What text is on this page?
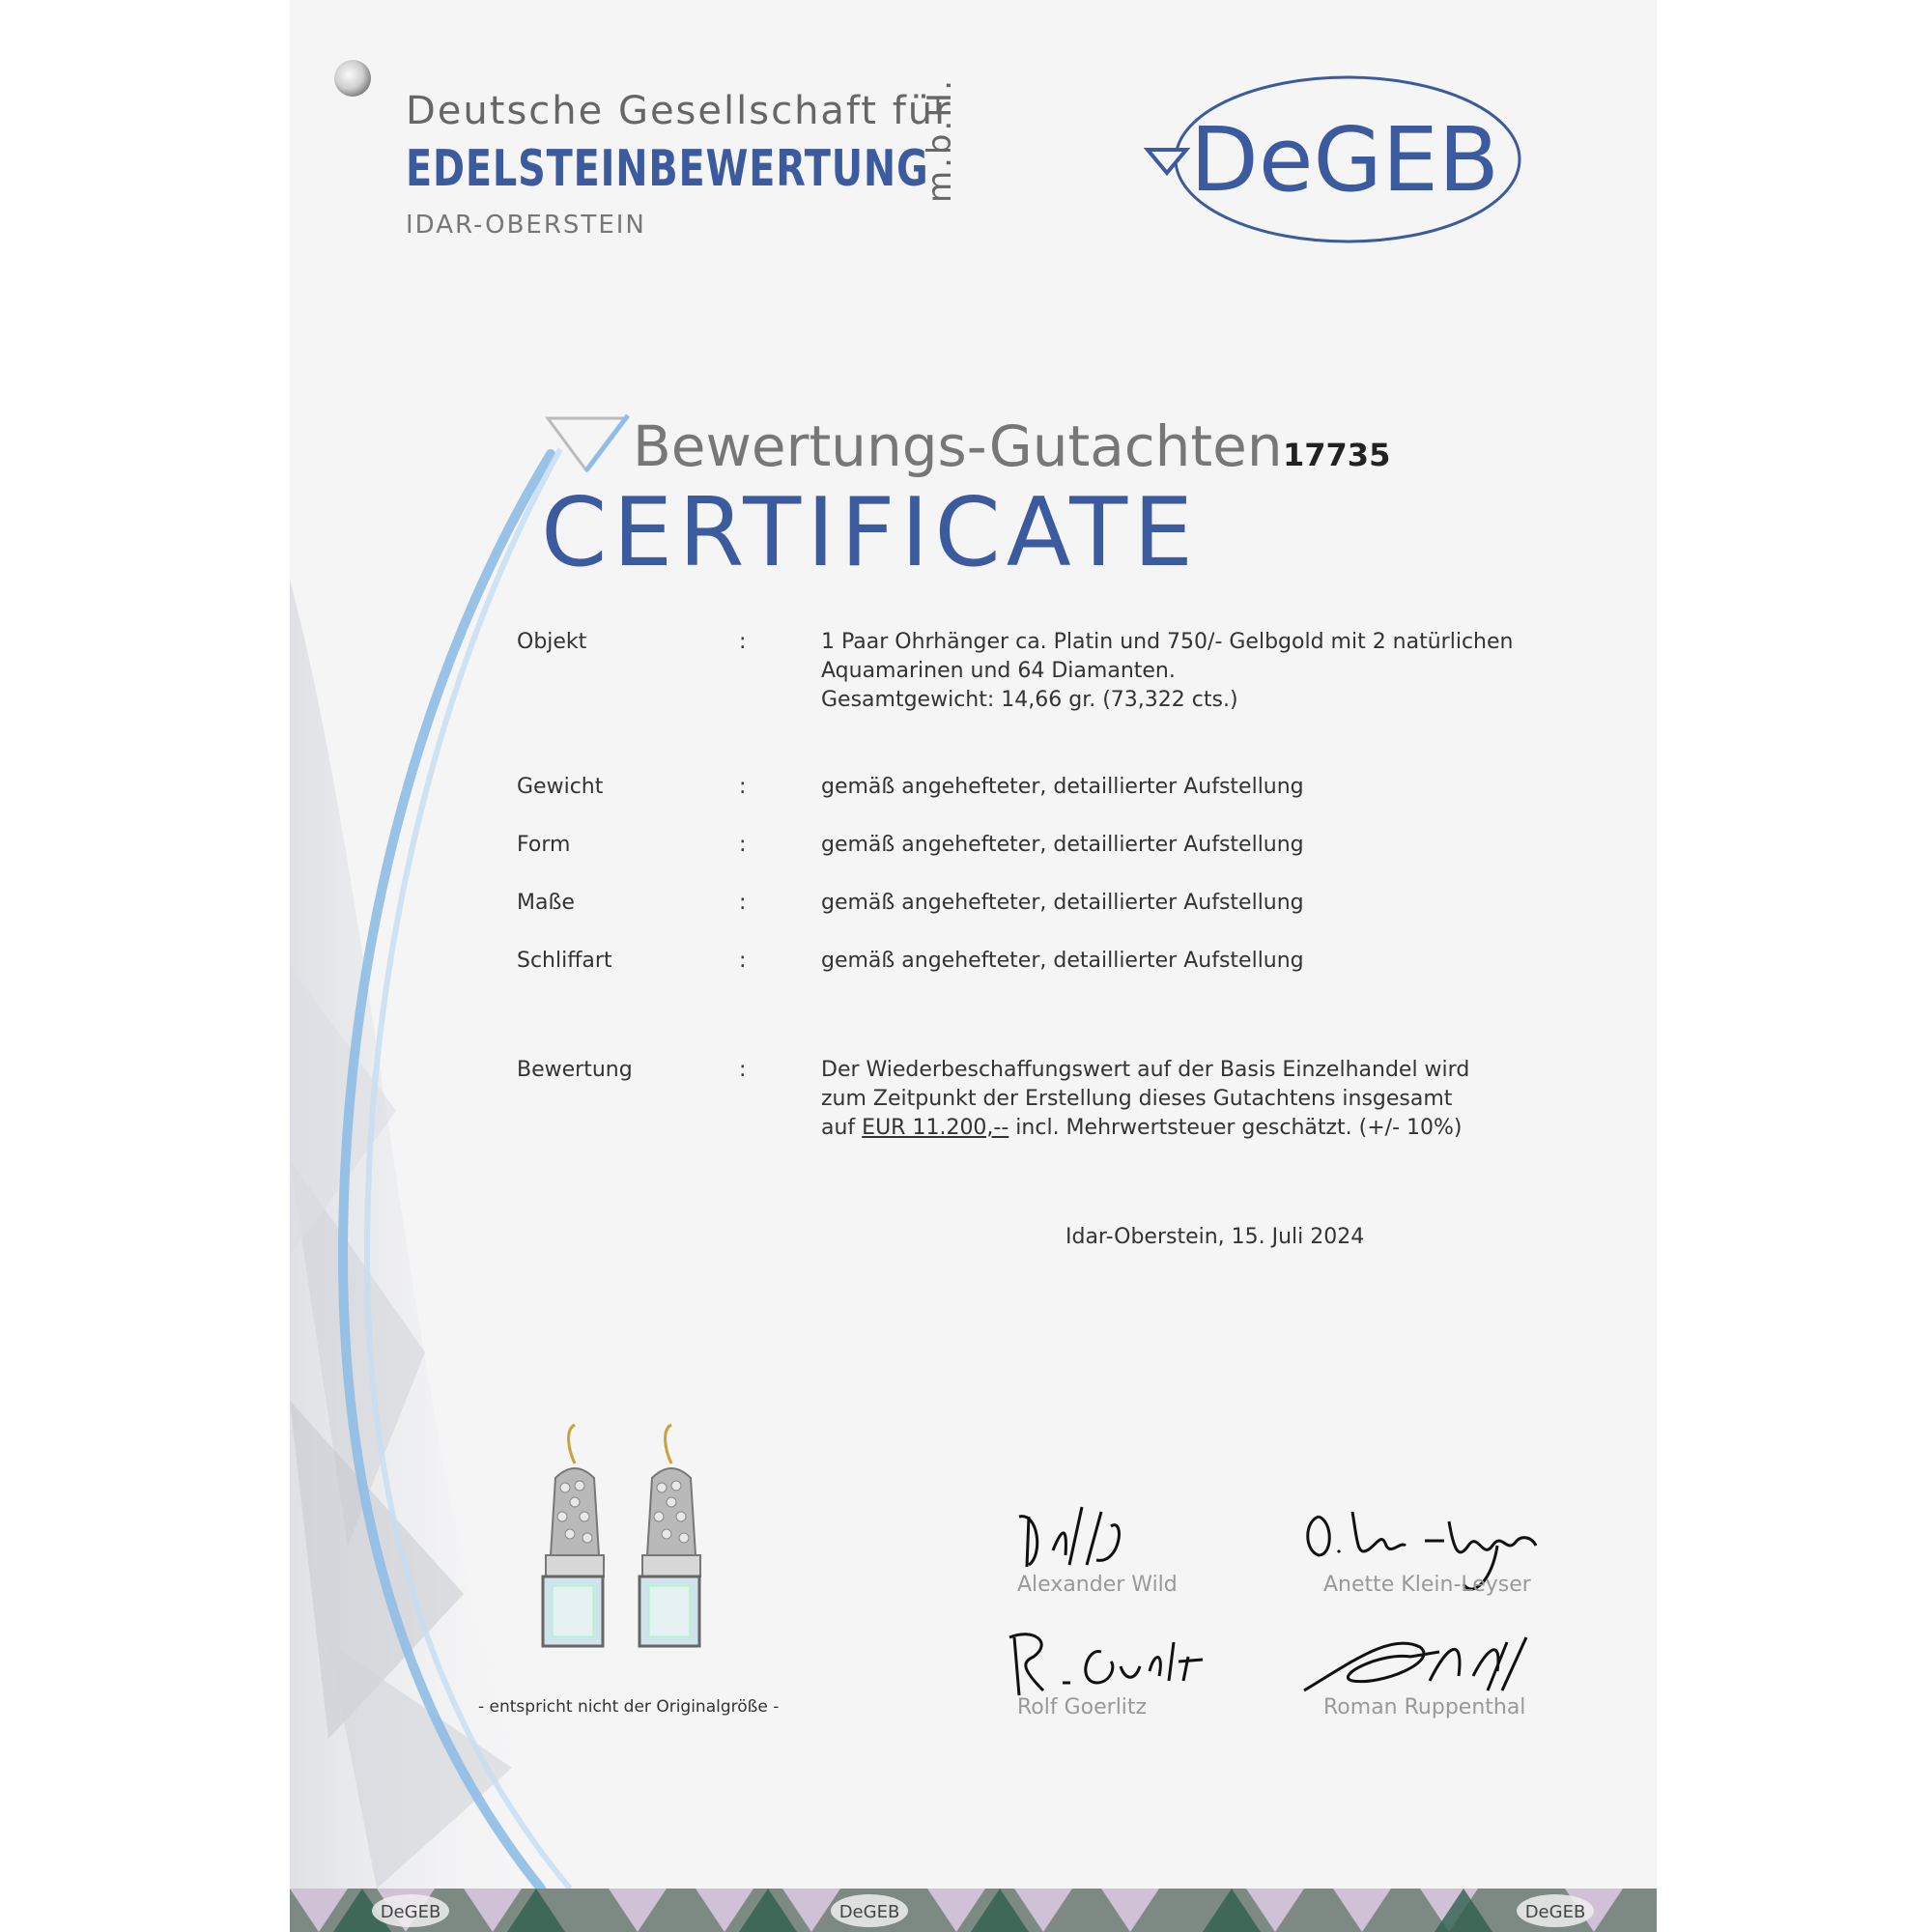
Deutsche Gesellschaft für
EDELSTEINBEWERTUNG
IDAR-OBERSTEIN
m.b.H.	DeGEB
Bewertungs-Gutachten 17735
CERTIFICATE
Objekt	:	1 Paar Ohrhänger ca. Platin und 750/- Gelbgold mit 2 natürlichen
Aquamarinen und 64 Diamanten.
Gesamtgewicht: 14,66 gr. (73,322 cts.)
Gewicht	:	gemäß angehefteter, detaillierter Aufstellung
Form	:	gemäß angehefteter, detaillierter Aufstellung
Maße	:	gemäß angehefteter, detaillierter Aufstellung
Schliffart	:	gemäß angehefteter, detaillierter Aufstellung
Bewertung	:	Der Wiederbeschaffungswert auf der Basis Einzelhandel wird
zum Zeitpunkt der Erstellung dieses Gutachtens insgesamt
auf EUR 11.200,-- incl. Mehrwertsteuer geschätzt. (+/- 10%)
Idar-Oberstein, 15. Juli 2024
- entspricht nicht der Originalgröße -
Alexander Wild	Anette Klein-Leyser
Rolf Goerlitz	Roman Ruppenthal
DeGEB	DeGEB	DeGEB
